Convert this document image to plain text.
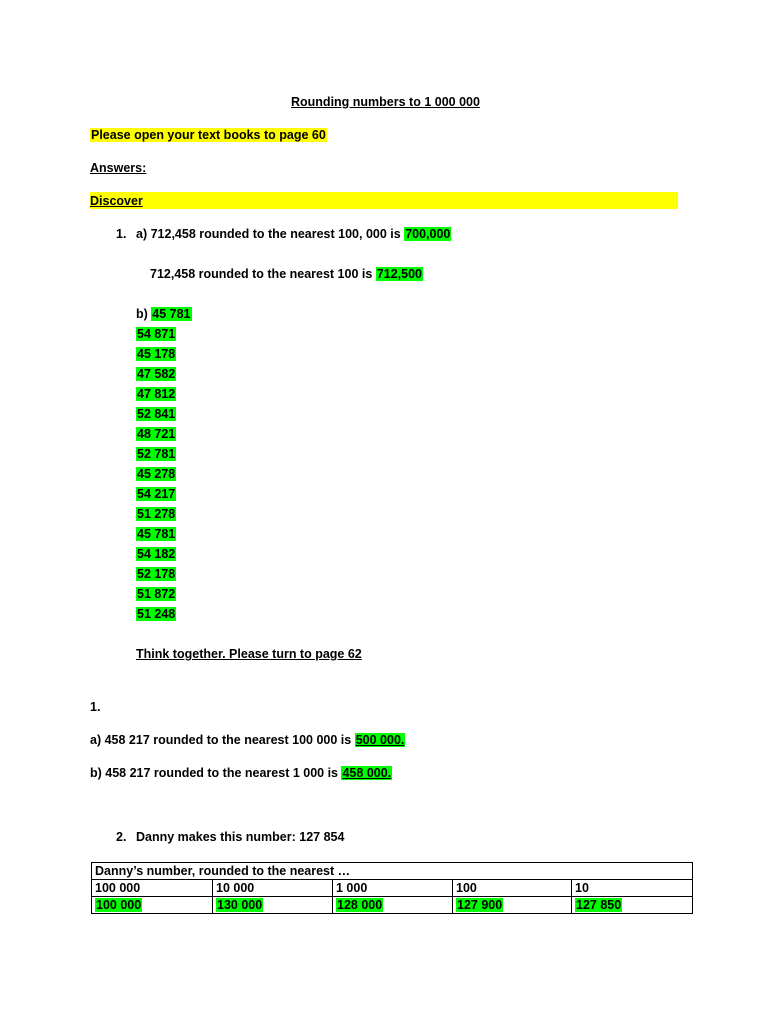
Rounding numbers to 1 000 000
Please open your text books to page 60
Answers:
Discover
1. a) 712,458 rounded to the nearest 100, 000 is 700,000
712,458 rounded to the nearest 100 is 712,500
b) 45 781
54 871
45 178
47 582
47 812
52 841
48 721
52 781
45 278
54 217
51 278
45 781
54 182
52 178
51 872
51 248
Think together. Please turn to page 62
1.
a) 458 217 rounded to the nearest 100 000 is 500 000.
b) 458 217 rounded to the nearest 1 000 is 458 000.
2. Danny makes this number: 127 854
Danny’s number, rounded to the nearest …				
100 000	10 000	1 000	100	10
100 000	130 000	128 000	127 900	127 850
